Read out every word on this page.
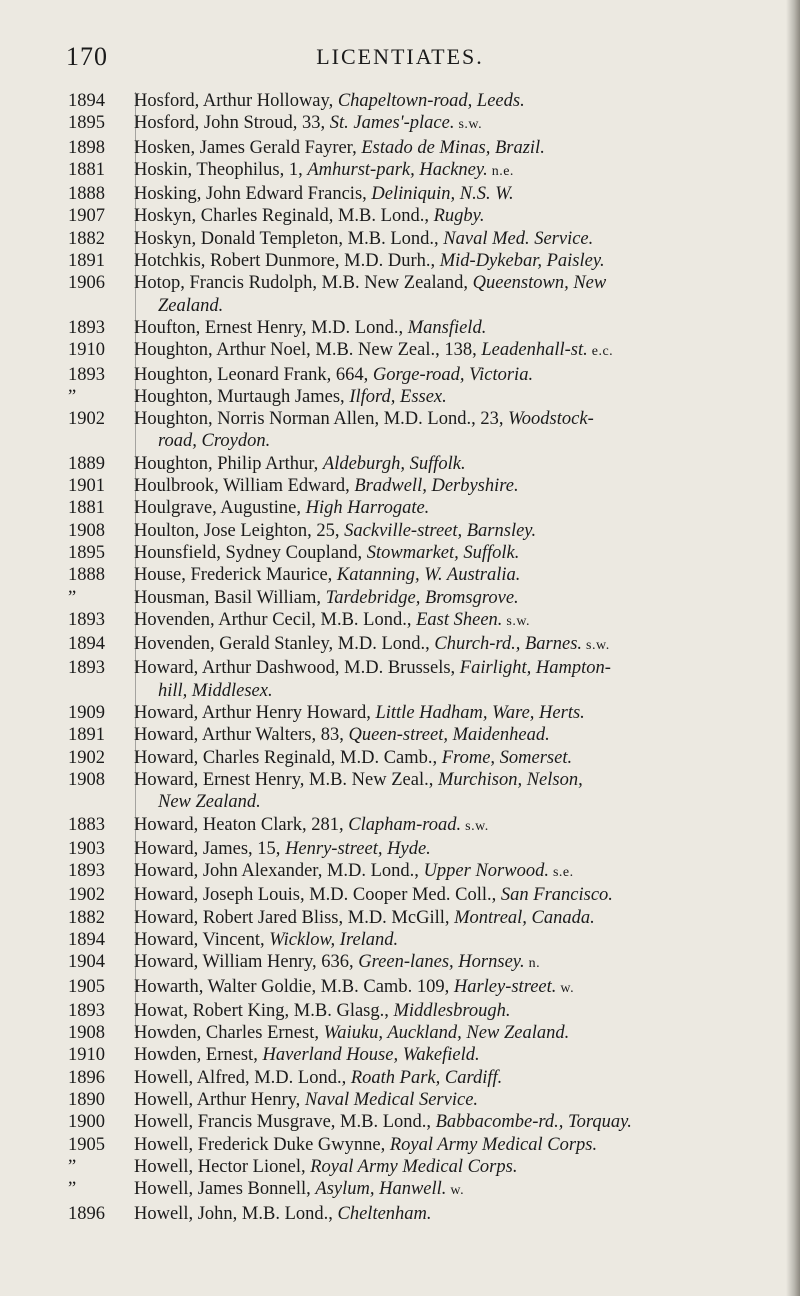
170	LICENTIATES.
1894	Hosford, Arthur Holloway, Chapeltown-road, Leeds.
1895	Hosford, John Stroud, 33, St. James'-place. s.w.
1898	Hosken, James Gerald Fayrer, Estado de Minas, Brazil.
1881	Hoskin, Theophilus, 1, Amhurst-park, Hackney. n.e.
1888	Hosking, John Edward Francis, Deliniquin, N.S. W.
1907	Hoskyn, Charles Reginald, M.B. Lond., Rugby.
1882	Hoskyn, Donald Templeton, M.B. Lond., Naval Med. Service.
1891	Hotchkis, Robert Dunmore, M.D. Durh., Mid-Dykebar, Paisley.
1906	Hotop, Francis Rudolph, M.B. New Zealand, Queenstown, New
Zealand.
1893	Houfton, Ernest Henry, M.D. Lond., Mansfield.
1910	Houghton, Arthur Noel, M.B. New Zeal., 138, Leadenhall-st. e.c.
1893	Houghton, Leonard Frank, 664, Gorge-road, Victoria.
”	Houghton, Murtaugh James, Ilford, Essex.
1902	Houghton, Norris Norman Allen, M.D. Lond., 23, Woodstock-
road, Croydon.
1889	Houghton, Philip Arthur, Aldeburgh, Suffolk.
1901	Houlbrook, William Edward, Bradwell, Derbyshire.
1881	Houlgrave, Augustine, High Harrogate.
1908	Houlton, Jose Leighton, 25, Sackville-street, Barnsley.
1895	Hounsfield, Sydney Coupland, Stowmarket, Suffolk.
1888	House, Frederick Maurice, Katanning, W. Australia.
”	Housman, Basil William, Tardebridge, Bromsgrove.
1893	Hovenden, Arthur Cecil, M.B. Lond., East Sheen. s.w.
1894	Hovenden, Gerald Stanley, M.D. Lond., Church-rd., Barnes. s.w.
1893	Howard, Arthur Dashwood, M.D. Brussels, Fairlight, Hampton-
hill, Middlesex.
1909	Howard, Arthur Henry Howard, Little Hadham, Ware, Herts.
1891	Howard, Arthur Walters, 83, Queen-street, Maidenhead.
1902	Howard, Charles Reginald, M.D. Camb., Frome, Somerset.
1908	Howard, Ernest Henry, M.B. New Zeal., Murchison, Nelson,
New Zealand.
1883	Howard, Heaton Clark, 281, Clapham-road. s.w.
1903	Howard, James, 15, Henry-street, Hyde.
1893	Howard, John Alexander, M.D. Lond., Upper Norwood. s.e.
1902	Howard, Joseph Louis, M.D. Cooper Med. Coll., San Francisco.
1882	Howard, Robert Jared Bliss, M.D. McGill, Montreal, Canada.
1894	Howard, Vincent, Wicklow, Ireland.
1904	Howard, William Henry, 636, Green-lanes, Hornsey. n.
1905	Howarth, Walter Goldie, M.B. Camb. 109, Harley-street. w.
1893	Howat, Robert King, M.B. Glasg., Middlesbrough.
1908	Howden, Charles Ernest, Waiuku, Auckland, New Zealand.
1910	Howden, Ernest, Haverland House, Wakefield.
1896	Howell, Alfred, M.D. Lond., Roath Park, Cardiff.
1890	Howell, Arthur Henry, Naval Medical Service.
1900	Howell, Francis Musgrave, M.B. Lond., Babbacombe-rd., Torquay.
1905	Howell, Frederick Duke Gwynne, Royal Army Medical Corps.
”	Howell, Hector Lionel, Royal Army Medical Corps.
”	Howell, James Bonnell, Asylum, Hanwell. w.
1896	Howell, John, M.B. Lond., Cheltenham.
